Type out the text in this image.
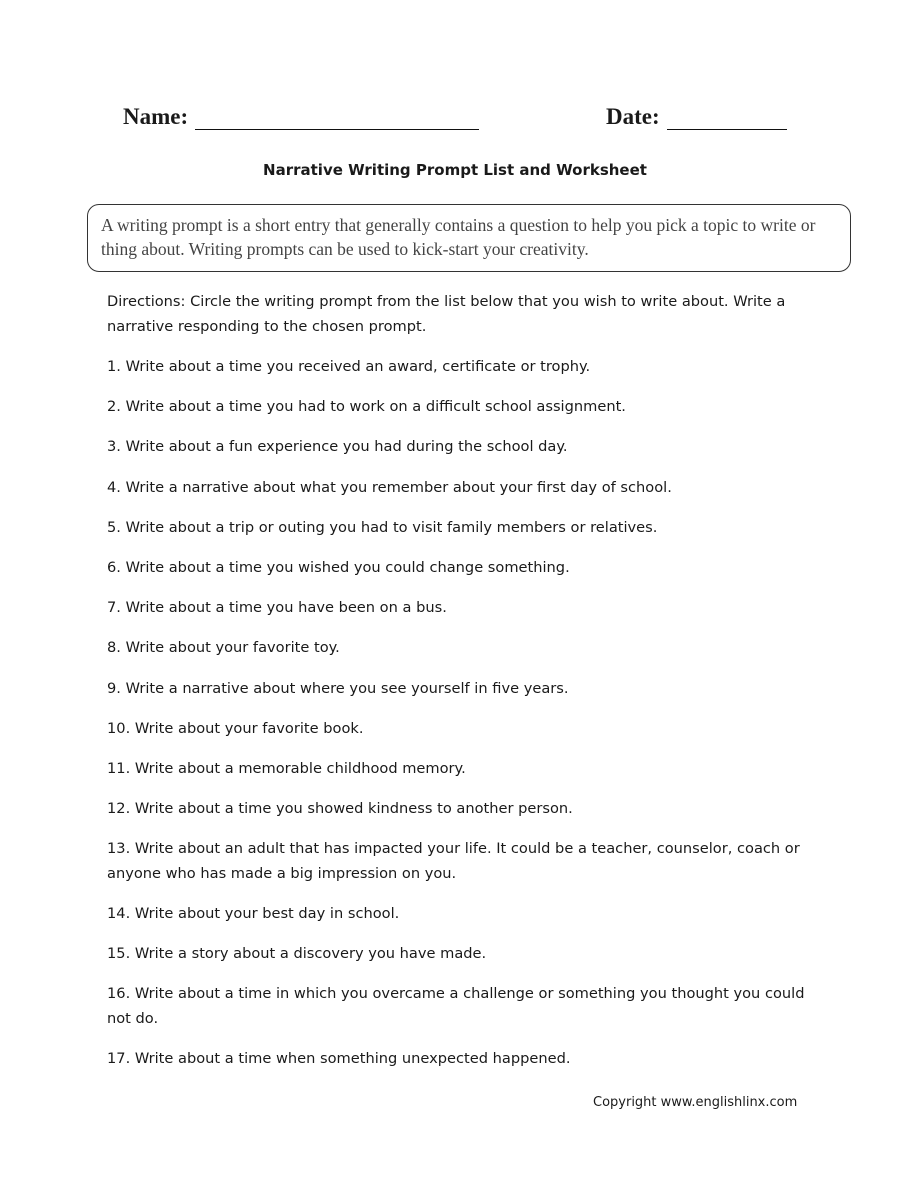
Name:	Date:
Narrative Writing Prompt List and Worksheet
A writing prompt is a short entry that generally contains a question to help you pick a topic to write or thing about. Writing prompts can be used to kick-start your creativity.

Directions: Circle the writing prompt from the list below that you wish to write about. Write a narrative responding to the chosen prompt.

1. Write about a time you received an award, certificate or trophy.
2. Write about a time you had to work on a difficult school assignment.
3. Write about a fun experience you had during the school day.
4. Write a narrative about what you remember about your first day of school.
5. Write about a trip or outing you had to visit family members or relatives.
6. Write about a time you wished you could change something.
7. Write about a time you have been on a bus.
8. Write about your favorite toy.
9. Write a narrative about where you see yourself in five years.
10. Write about your favorite book.
11. Write about a memorable childhood memory.
12. Write about a time you showed kindness to another person.
13. Write about an adult that has impacted your life. It could be a teacher, counselor, coach or anyone who has made a big impression on you.
14. Write about your best day in school.
15. Write a story about a discovery you have made.
16. Write about a time in which you overcame a challenge or something you thought you could not do.
17. Write about a time when something unexpected happened.
Copyright www.englishlinx.com
